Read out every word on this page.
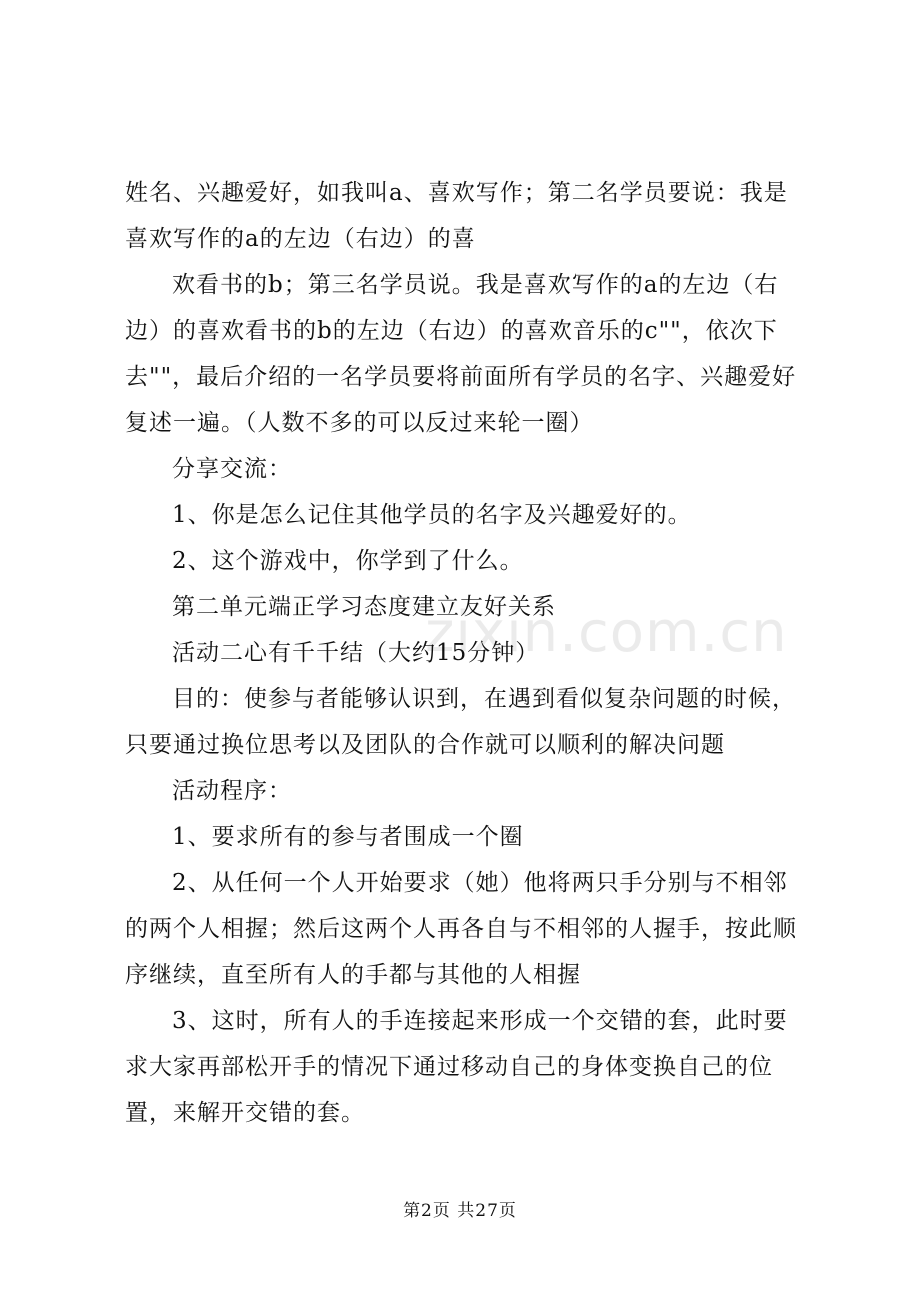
姓名、兴趣爱好，如我叫a、喜欢写作；第二名学员要说：我是
喜欢写作的a的左边（右边）的喜
欢看书的b；第三名学员说。我是喜欢写作的a的左边（右
边）的喜欢看书的b的左边（右边）的喜欢音乐的c""，依次下
去""，最后介绍的一名学员要将前面所有学员的名字、兴趣爱好
复述一遍。（人数不多的可以反过来轮一圈）
分享交流：
1、你是怎么记住其他学员的名字及兴趣爱好的。
2、这个游戏中，你学到了什么。
第二单元端正学习态度建立友好关系
活动二心有千千结（大约15分钟）
目的：使参与者能够认识到，在遇到看似复杂问题的时候，
只要通过换位思考以及团队的合作就可以顺利的解决问题
活动程序：
1、要求所有的参与者围成一个圈
2、从任何一个人开始要求（她）他将两只手分别与不相邻
的两个人相握；然后这两个人再各自与不相邻的人握手，按此顺
序继续，直至所有人的手都与其他的人相握
3、这时，所有人的手连接起来形成一个交错的套，此时要
求大家再部松开手的情况下通过移动自己的身体变换自己的位
置，来解开交错的套。
zixin.com.cn
第2页 共27页
